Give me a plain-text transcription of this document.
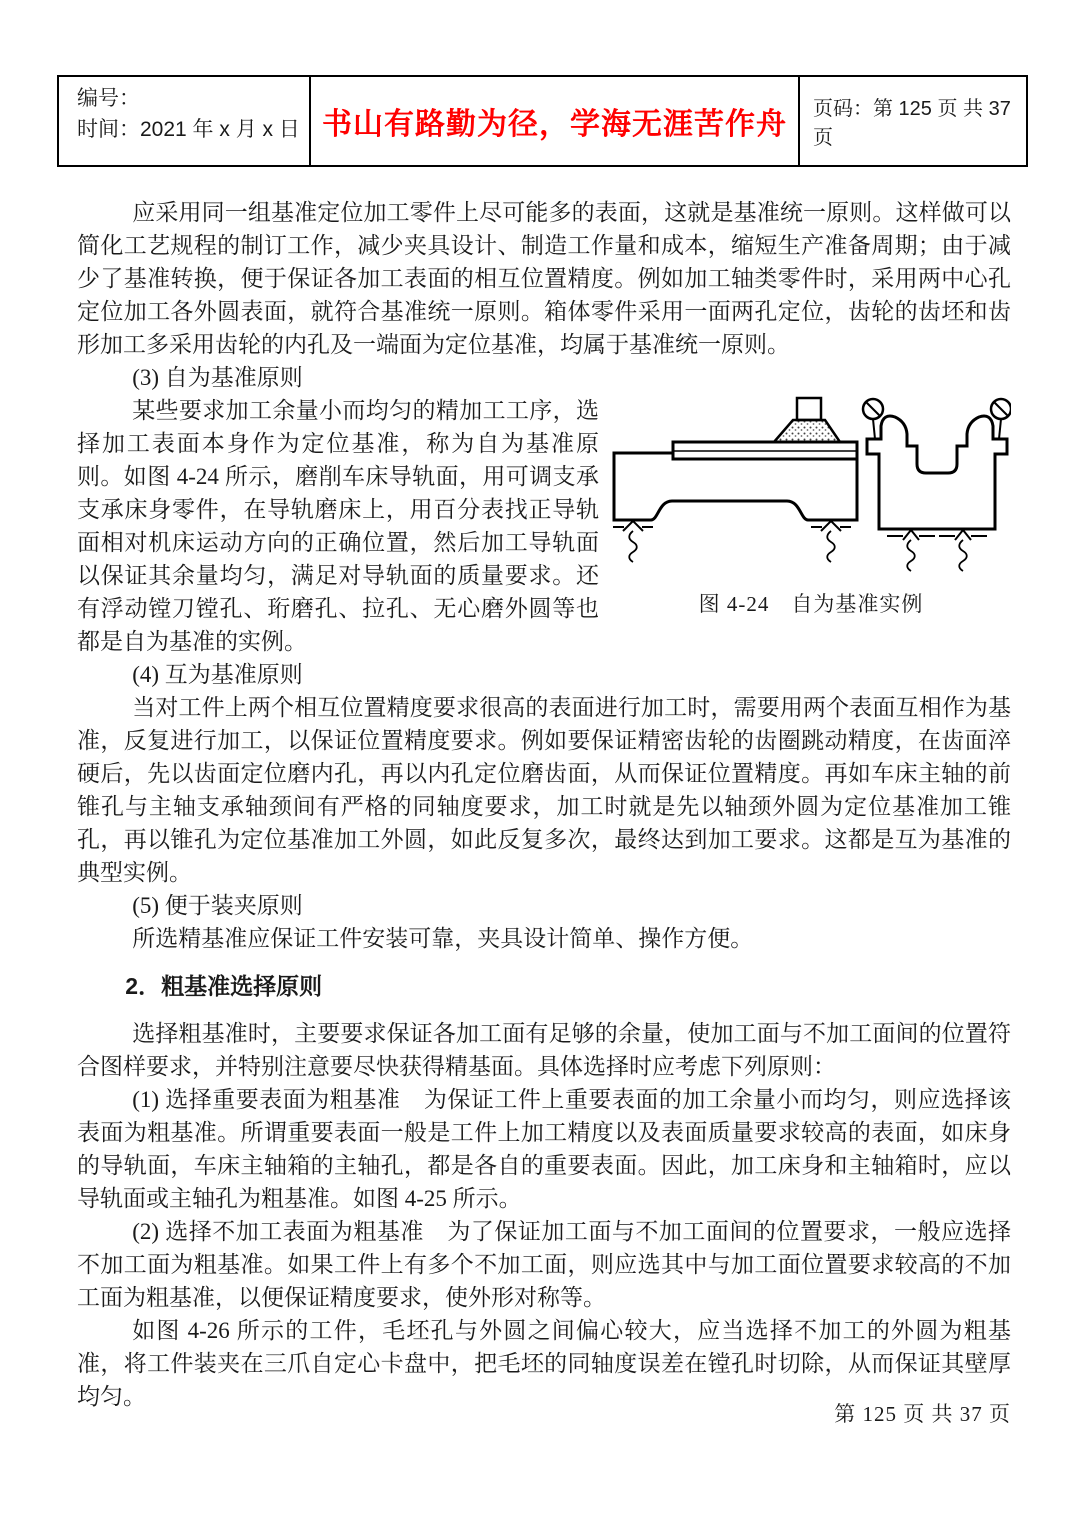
编号：
时间：2021 年 x 月 x 日 书山有路勤为径，学海无涯苦作舟 页码：第 125 页 共 37 页

应采用同一组基准定位加工零件上尽可能多的表面，这就是基准统一原则。这样做可以简化工艺规程的制订工作，减少夹具设计、制造工作量和成本，缩短生产准备周期；由于减少了基准转换，便于保证各加工表面的相互位置精度。例如加工轴类零件时，采用两中心孔定位加工各外圆表面，就符合基准统一原则。箱体零件采用一面两孔定位，齿轮的齿坯和齿形加工多采用齿轮的内孔及一端面为定位基准，均属于基准统一原则。

(3) 自为基准原则

图 4-24　自为基准实例

某些要求加工余量小而均匀的精加工工序，选择加工表面本身作为定位基准，称为自为基准原则。如图 4-24 所示，磨削车床导轨面，用可调支承支承床身零件，在导轨磨床上，用百分表找正导轨面相对机床运动方向的正确位置，然后加工导轨面以保证其余量均匀，满足对导轨面的质量要求。还有浮动镗刀镗孔、珩磨孔、拉孔、无心磨外圆等也都是自为基准的实例。

(4) 互为基准原则

当对工件上两个相互位置精度要求很高的表面进行加工时，需要用两个表面互相作为基准，反复进行加工，以保证位置精度要求。例如要保证精密齿轮的齿圈跳动精度，在齿面淬硬后，先以齿面定位磨内孔，再以内孔定位磨齿面，从而保证位置精度。再如车床主轴的前锥孔与主轴支承轴颈间有严格的同轴度要求，加工时就是先以轴颈外圆为定位基准加工锥孔，再以锥孔为定位基准加工外圆，如此反复多次，最终达到加工要求。这都是互为基准的典型实例。

(5) 便于装夹原则

所选精基准应保证工件安装可靠，夹具设计简单、操作方便。

2．粗基准选择原则

选择粗基准时，主要要求保证各加工面有足够的余量，使加工面与不加工面间的位置符合图样要求，并特别注意要尽快获得精基面。具体选择时应考虑下列原则：

(1) 选择重要表面为粗基准　为保证工件上重要表面的加工余量小而均匀，则应选择该表面为粗基准。所谓重要表面一般是工件上加工精度以及表面质量要求较高的表面，如床身的导轨面，车床主轴箱的主轴孔，都是各自的重要表面。因此，加工床身和主轴箱时，应以导轨面或主轴孔为粗基准。如图 4-25 所示。

(2) 选择不加工表面为粗基准　为了保证加工面与不加工面间的位置要求，一般应选择不加工面为粗基准。如果工件上有多个不加工面，则应选其中与加工面位置要求较高的不加工面为粗基准，以便保证精度要求，使外形对称等。

如图 4-26 所示的工件，毛坯孔与外圆之间偏心较大，应当选择不加工的外圆为粗基准，将工件装夹在三爪自定心卡盘中，把毛坯的同轴度误差在镗孔时切除，从而保证其壁厚均匀。

第 125 页 共 37 页
